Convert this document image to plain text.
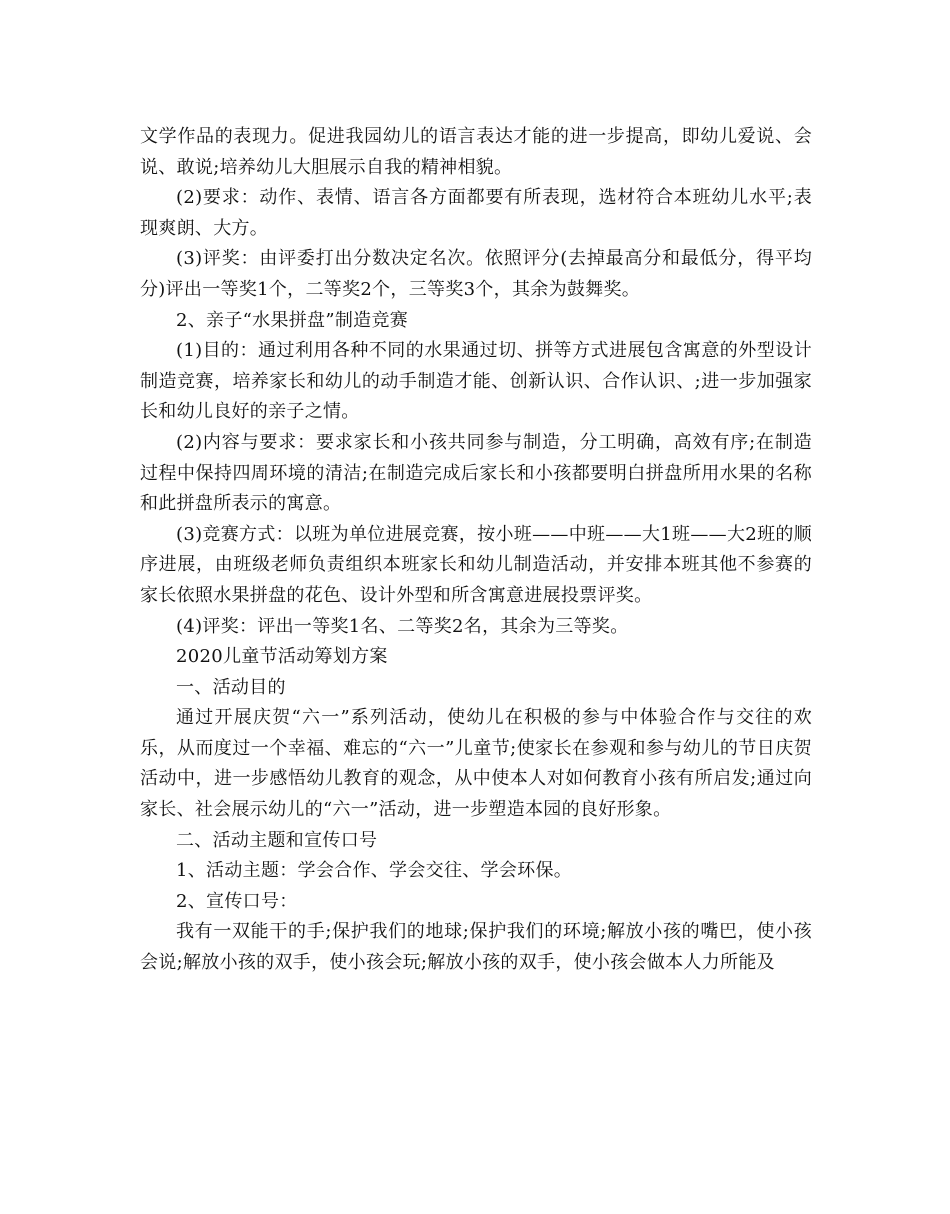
文学作品的表现力。促进我园幼儿的语言表达才能的进一步提高，即幼儿爱说、会说、敢说;培养幼儿大胆展示自我的精神相貌。

(2)要求：动作、表情、语言各方面都要有所表现，选材符合本班幼儿水平;表现爽朗、大方。

(3)评奖：由评委打出分数决定名次。依照评分(去掉最高分和最低分，得平均分)评出一等奖1个，二等奖2个，三等奖3个，其余为鼓舞奖。

2、亲子“水果拼盘”制造竞赛

(1)目的：通过利用各种不同的水果通过切、拼等方式进展包含寓意的外型设计制造竞赛，培养家长和幼儿的动手制造才能、创新认识、合作认识、;进一步加强家长和幼儿良好的亲子之情。

(2)内容与要求：要求家长和小孩共同参与制造，分工明确，高效有序;在制造过程中保持四周环境的清洁;在制造完成后家长和小孩都要明白拼盘所用水果的名称和此拼盘所表示的寓意。

(3)竞赛方式：以班为单位进展竞赛，按小班——中班——大1班——大2班的顺序进展，由班级老师负责组织本班家长和幼儿制造活动，并安排本班其他不参赛的家长依照水果拼盘的花色、设计外型和所含寓意进展投票评奖。

(4)评奖：评出一等奖1名、二等奖2名，其余为三等奖。

2020儿童节活动筹划方案

一、活动目的

通过开展庆贺“六一”系列活动，使幼儿在积极的参与中体验合作与交往的欢乐，从而度过一个幸福、难忘的“六一”儿童节;使家长在参观和参与幼儿的节日庆贺活动中，进一步感悟幼儿教育的观念，从中使本人对如何教育小孩有所启发;通过向家长、社会展示幼儿的“六一”活动，进一步塑造本园的良好形象。

二、活动主题和宣传口号

1、活动主题：学会合作、学会交往、学会环保。

2、宣传口号：

我有一双能干的手;保护我们的地球;保护我们的环境;解放小孩的嘴巴，使小孩会说;解放小孩的双手，使小孩会玩;解放小孩的双手，使小孩会做本人力所能及
